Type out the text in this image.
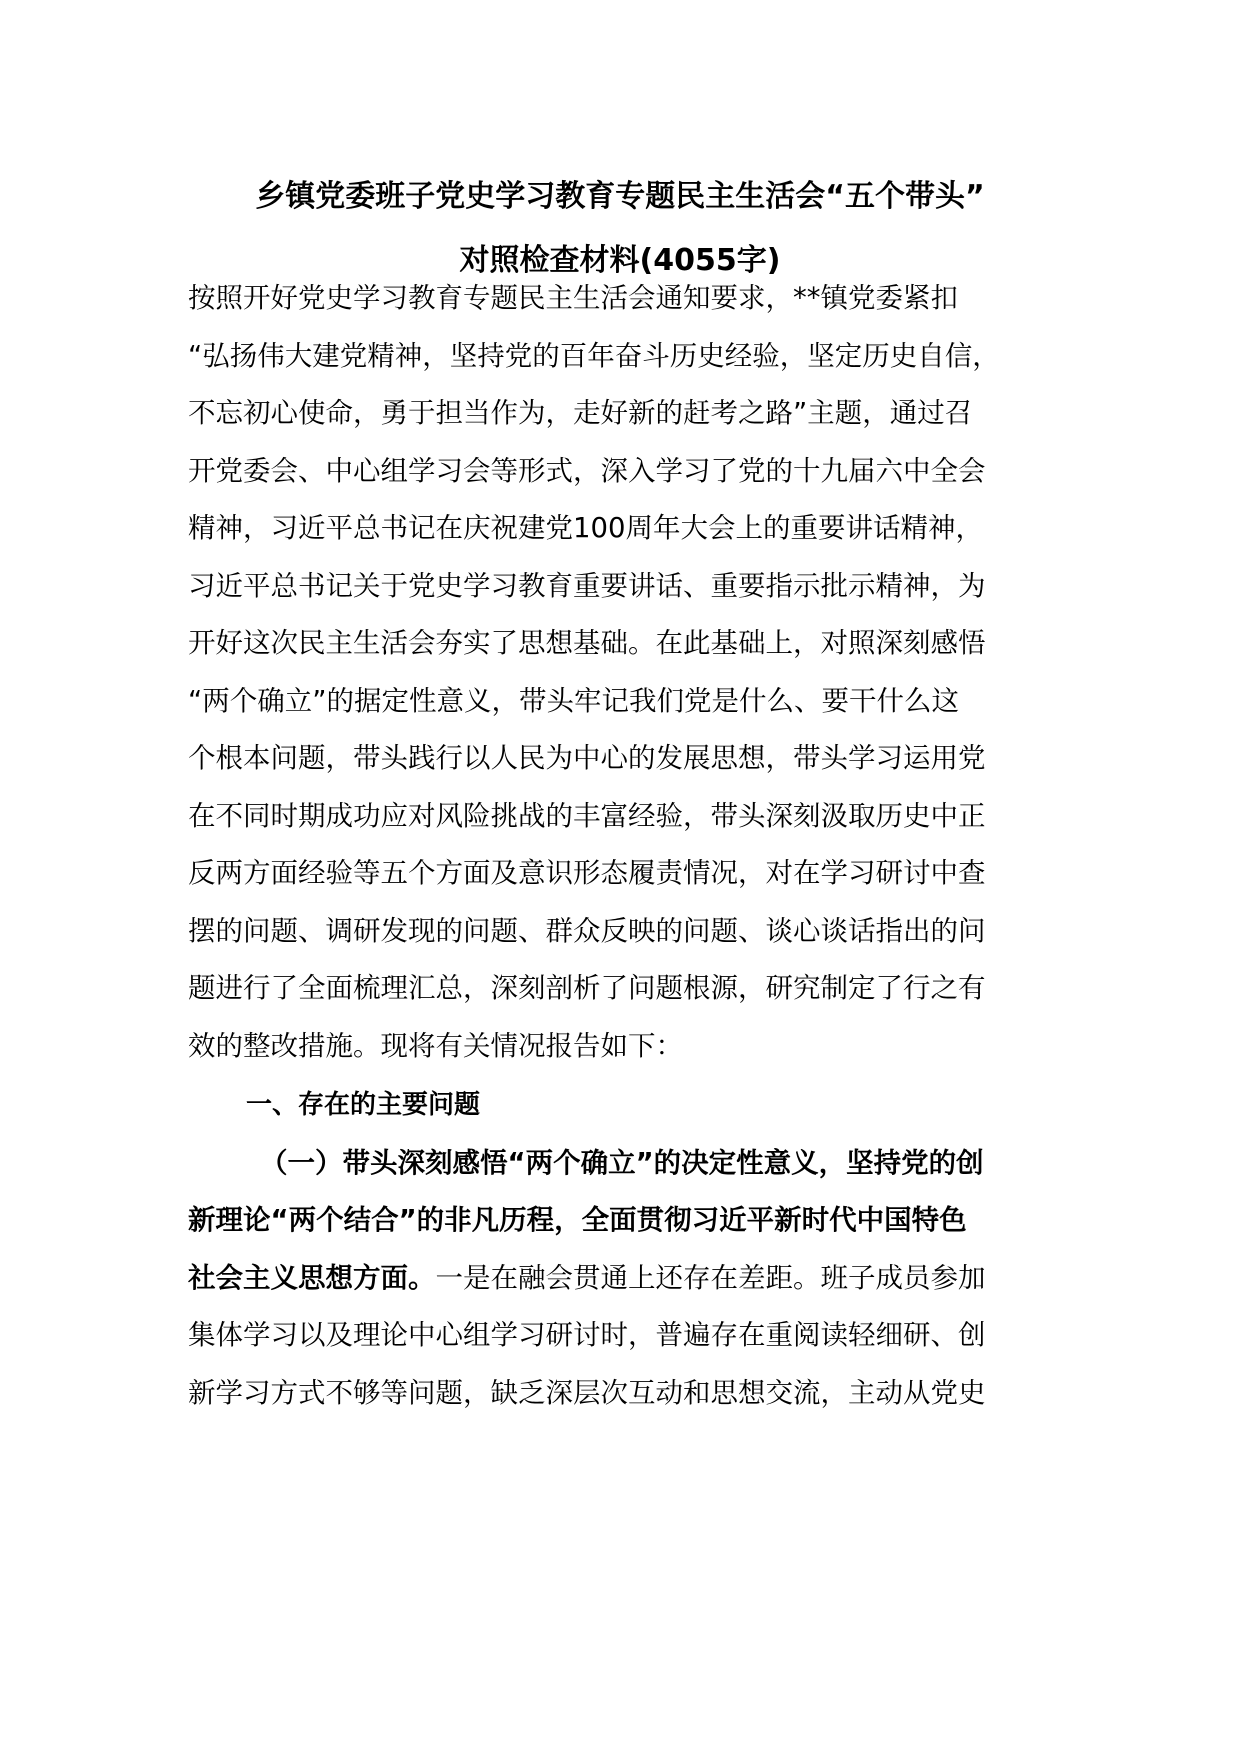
乡镇党委班子党史学习教育专题民主生活会“五个带头”
对照检查材料(4055字)
按照开好党史学习教育专题民主生活会通知要求，**镇党委紧扣
“弘扬伟大建党精神，坚持党的百年奋斗历史经验，坚定历史自信，
不忘初心使命，勇于担当作为，走好新的赶考之路”主题，通过召
开党委会、中心组学习会等形式，深入学习了党的十九届六中全会
精神，习近平总书记在庆祝建党100周年大会上的重要讲话精神，
习近平总书记关于党史学习教育重要讲话、重要指示批示精神，为
开好这次民主生活会夯实了思想基础。在此基础上，对照深刻感悟
“两个确立”的据定性意义，带头牢记我们党是什么、要干什么这
个根本问题，带头践行以人民为中心的发展思想，带头学习运用党
在不同时期成功应对风险挑战的丰富经验，带头深刻汲取历史中正
反两方面经验等五个方面及意识形态履责情况，对在学习研讨中查
摆的问题、调研发现的问题、群众反映的问题、谈心谈话指出的问
题进行了全面梳理汇总，深刻剖析了问题根源，研究制定了行之有
效的整改措施。现将有关情况报告如下：
一、存在的主要问题
（一）带头深刻感悟“两个确立”的决定性意义，坚持党的创
新理论“两个结合”的非凡历程，全面贯彻习近平新时代中国特色
社会主义思想方面。一是在融会贯通上还存在差距。班子成员参加
集体学习以及理论中心组学习研讨时，普遍存在重阅读轻细研、创
新学习方式不够等问题，缺乏深层次互动和思想交流，主动从党史
